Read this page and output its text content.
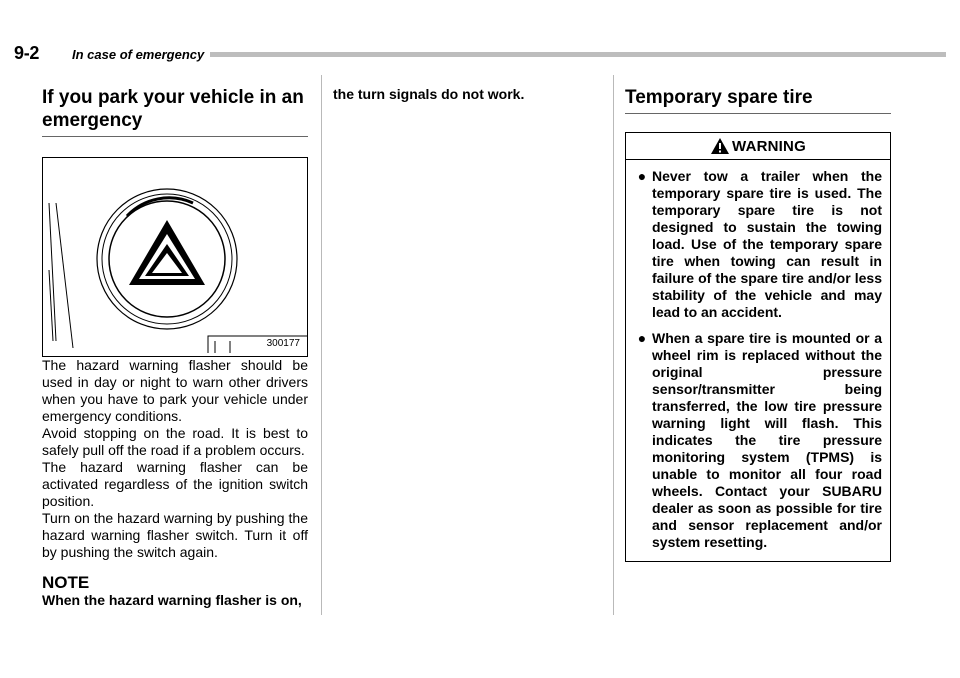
9-2	In case of emergency
If you park your vehicle in an emergency
300177

The hazard warning flasher should be used in day or night to warn other drivers when you have to park your vehicle under emergency conditions.

Avoid stopping on the road. It is best to safely pull off the road if a problem occurs.

The hazard warning flasher can be activated regardless of the ignition switch position.

Turn on the hazard warning by pushing the hazard warning flasher switch. Turn it off by pushing the switch again.

NOTE

When the hazard warning flasher is on,

the turn signals do not work.	Temporary spare tire
WARNING
● Never tow a trailer when the temporary spare tire is used. The temporary spare tire is not designed to sustain the towing load. Use of the temporary spare tire when towing can result in failure of the spare tire and/or less stability of the vehicle and may lead to an accident.
● When a spare tire is mounted or a wheel rim is replaced without the original pressure sensor/transmitter being transferred, the low tire pressure warning light will flash. This indicates the tire pressure monitoring system (TPMS) is unable to monitor all four road wheels. Contact your SUBARU dealer as soon as possible for tire and sensor replacement and/or system resetting.
